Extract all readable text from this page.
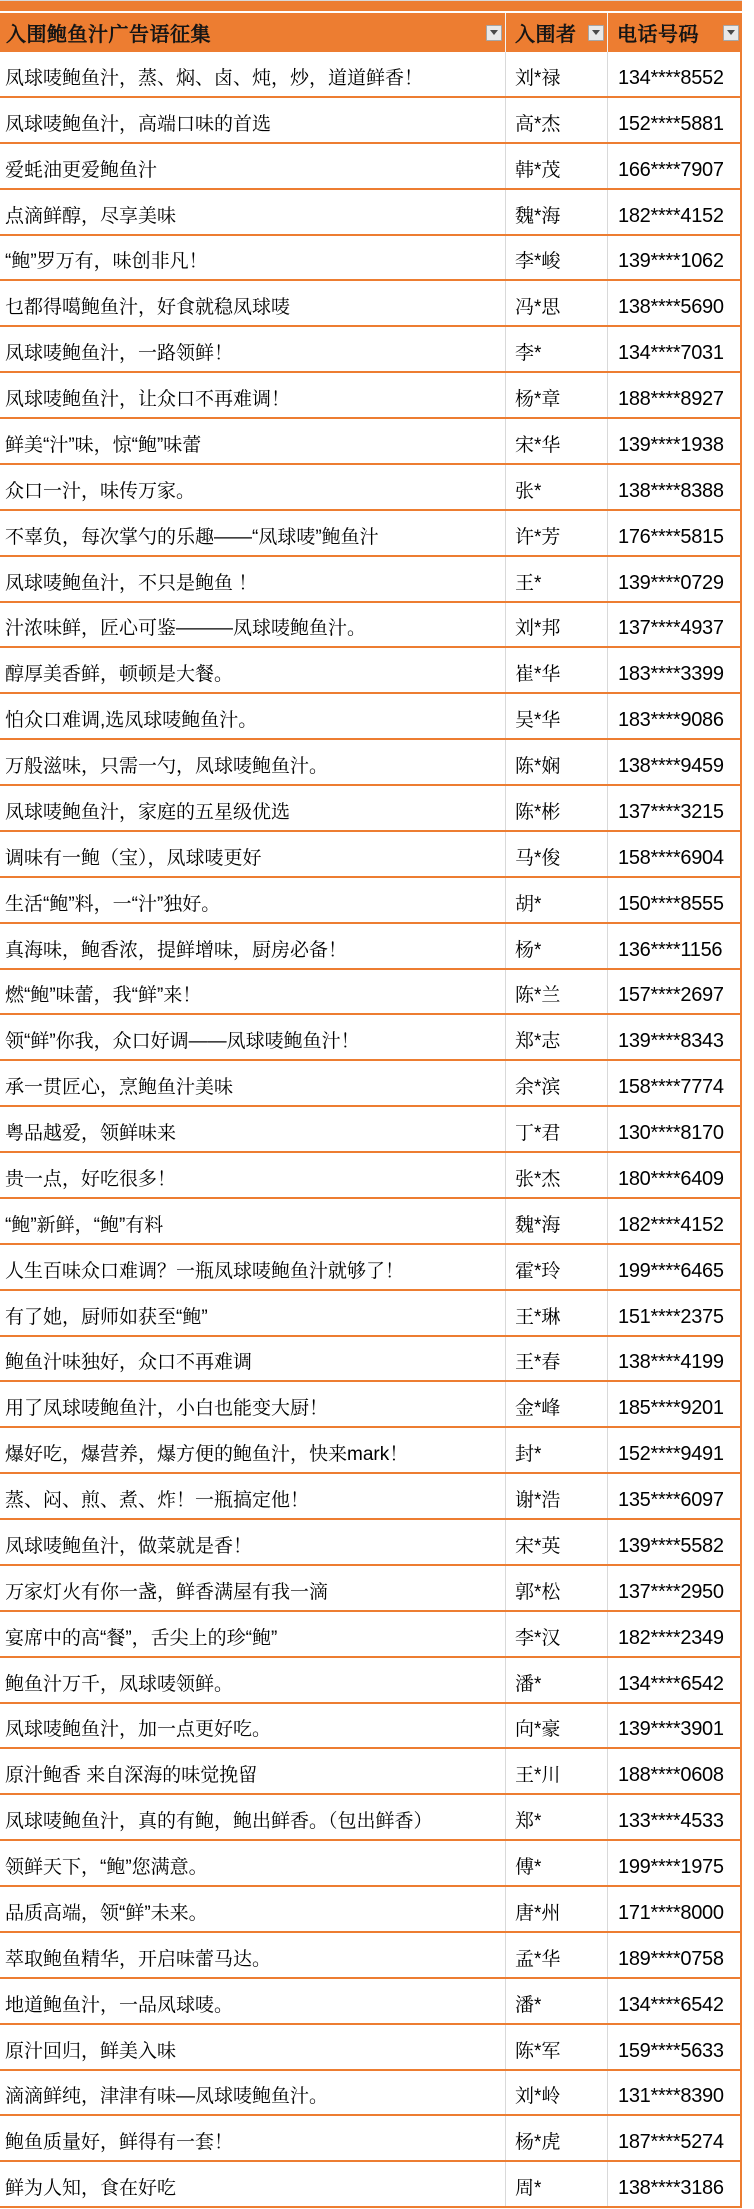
入围鲍鱼汁广告语征集	入围者	电话号码
凤球唛鲍鱼汁，蒸、焖、卤、炖，炒，道道鲜香！	刘*禄	134****8552
凤球唛鲍鱼汁，高端口味的首选	高*杰	152****5881
爱蚝油更爱鲍鱼汁	韩*茂	166****7907
点滴鲜醇，尽享美味	魏*海	182****4152
“鲍”罗万有，味创非凡！	李*峻	139****1062
乜都得噶鲍鱼汁，好食就稳凤球唛	冯*思	138****5690
凤球唛鲍鱼汁，一路领鲜！	李*	134****7031
凤球唛鲍鱼汁，让众口不再难调！	杨*章	188****8927
鲜美“汁”味，惊“鲍”味蕾	宋*华	139****1938
众口一汁，味传万家。	张*	138****8388
不辜负，每次掌勺的乐趣——“凤球唛”鲍鱼汁	许*芳	176****5815
凤球唛鲍鱼汁，不只是鲍鱼 ！	王*	139****0729
汁浓味鲜，匠心可鉴———凤球唛鲍鱼汁。	刘*邦	137****4937
醇厚美香鲜，顿顿是大餐。	崔*华	183****3399
怕众口难调,选凤球唛鲍鱼汁。	吴*华	183****9086
万般滋味，只需一勺，凤球唛鲍鱼汁。	陈*娴	138****9459
凤球唛鲍鱼汁，家庭的五星级优选	陈*彬	137****3215
调味有一鲍（宝），凤球唛更好	马*俊	158****6904
生活“鲍”料，一“汁”独好。	胡*	150****8555
真海味，鲍香浓，提鲜增味，厨房必备！	杨*	136****1156
燃“鲍”味蕾，我“鲜”来！	陈*兰	157****2697
领“鲜”你我，众口好调——凤球唛鲍鱼汁！	郑*志	139****8343
承一贯匠心，烹鲍鱼汁美味	余*滨	158****7774
粤品越爱，领鲜味来	丁*君	130****8170
贵一点，好吃很多！	张*杰	180****6409
“鲍”新鲜，“鲍”有料	魏*海	182****4152
人生百味众口难调？一瓶凤球唛鲍鱼汁就够了！	霍*玲	199****6465
有了她，厨师如获至“鲍”	王*琳	151****2375
鲍鱼汁味独好，众口不再难调	王*春	138****4199
用了凤球唛鲍鱼汁，小白也能变大厨！	金*峰	185****9201
爆好吃，爆营养，爆方便的鲍鱼汁，快来mark！	封*	152****9491
蒸、闷、煎、煮、炸！一瓶搞定他！	谢*浩	135****6097
凤球唛鲍鱼汁，做菜就是香！	宋*英	139****5582
万家灯火有你一盏，鲜香满屋有我一滴	郭*松	137****2950
宴席中的高“餐”，舌尖上的珍“鲍”	李*汉	182****2349
鲍鱼汁万千，凤球唛领鲜。	潘*	134****6542
凤球唛鲍鱼汁，加一点更好吃。	向*豪	139****3901
原汁鲍香 来自深海的味觉挽留	王*川	188****0608
凤球唛鲍鱼汁，真的有鲍，鲍出鲜香。（包出鲜香）	郑*	133****4533
领鲜天下，“鲍”您满意。	傅*	199****1975
品质高端，领“鲜”未来。	唐*州	171****8000
萃取鲍鱼精华，开启味蕾马达。	孟*华	189****0758
地道鲍鱼汁，一品凤球唛。	潘*	134****6542
原汁回归，鲜美入味	陈*军	159****5633
滴滴鲜纯，津津有味—凤球唛鲍鱼汁。	刘*岭	131****8390
鲍鱼质量好，鲜得有一套！	杨*虎	187****5274
鲜为人知，食在好吃	周*	138****3186
